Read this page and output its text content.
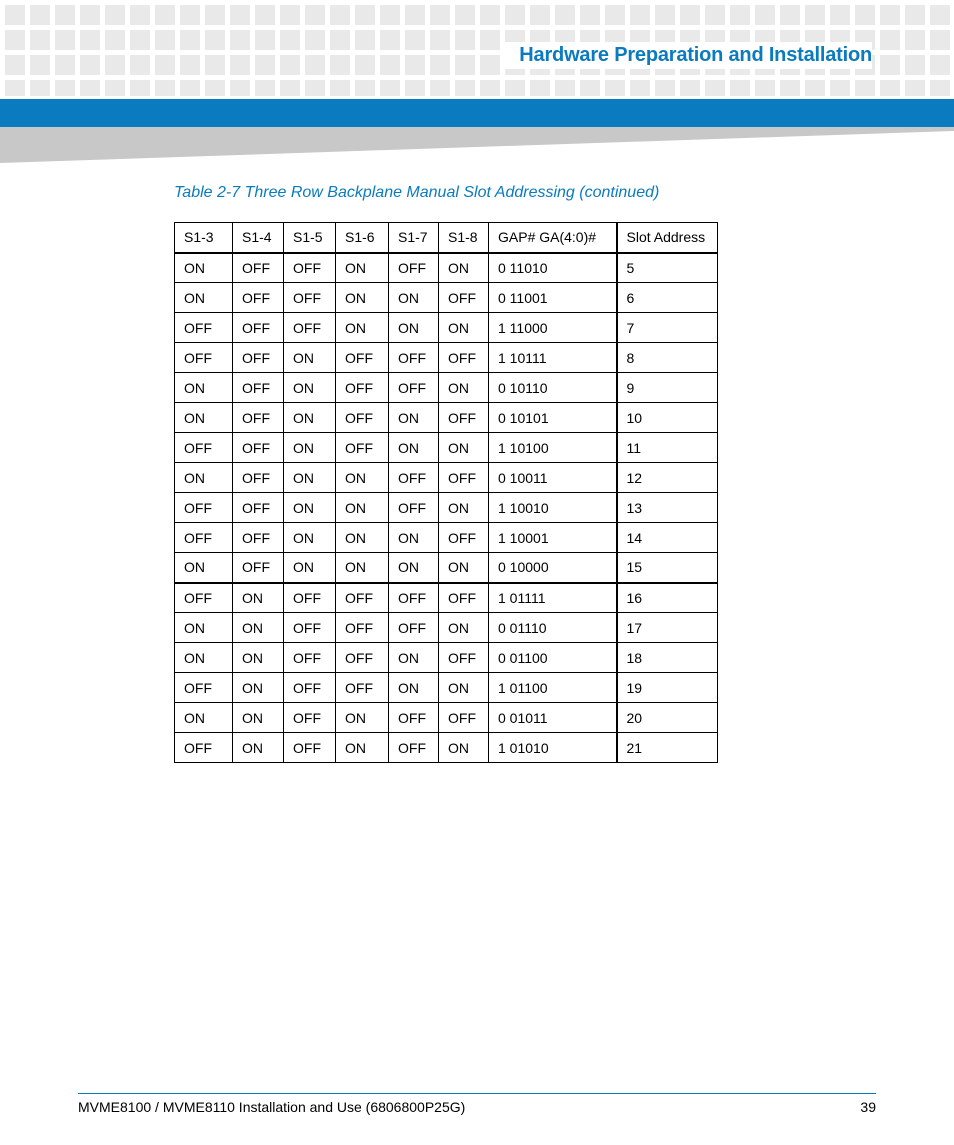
Hardware Preparation and Installation
Table 2-7 Three Row Backplane Manual Slot Addressing (continued)
S1-3	S1-4	S1-5	S1-6	S1-7	S1-8	GAP# GA(4:0)#	Slot Address
ON	OFF	OFF	ON	OFF	ON	0 11010	5
ON	OFF	OFF	ON	ON	OFF	0 11001	6
OFF	OFF	OFF	ON	ON	ON	1 11000	7
OFF	OFF	ON	OFF	OFF	OFF	1 10111	8
ON	OFF	ON	OFF	OFF	ON	0 10110	9
ON	OFF	ON	OFF	ON	OFF	0 10101	10
OFF	OFF	ON	OFF	ON	ON	1 10100	11
ON	OFF	ON	ON	OFF	OFF	0 10011	12
OFF	OFF	ON	ON	OFF	ON	1 10010	13
OFF	OFF	ON	ON	ON	OFF	1 10001	14
ON	OFF	ON	ON	ON	ON	0 10000	15
OFF	ON	OFF	OFF	OFF	OFF	1 01111	16
ON	ON	OFF	OFF	OFF	ON	0 01110	17
ON	ON	OFF	OFF	ON	OFF	0 01100	18
OFF	ON	OFF	OFF	ON	ON	1 01100	19
ON	ON	OFF	ON	OFF	OFF	0 01011	20
OFF	ON	OFF	ON	OFF	ON	1 01010	21
MVME8100 / MVME8110 Installation and Use (6806800P25G)	39
